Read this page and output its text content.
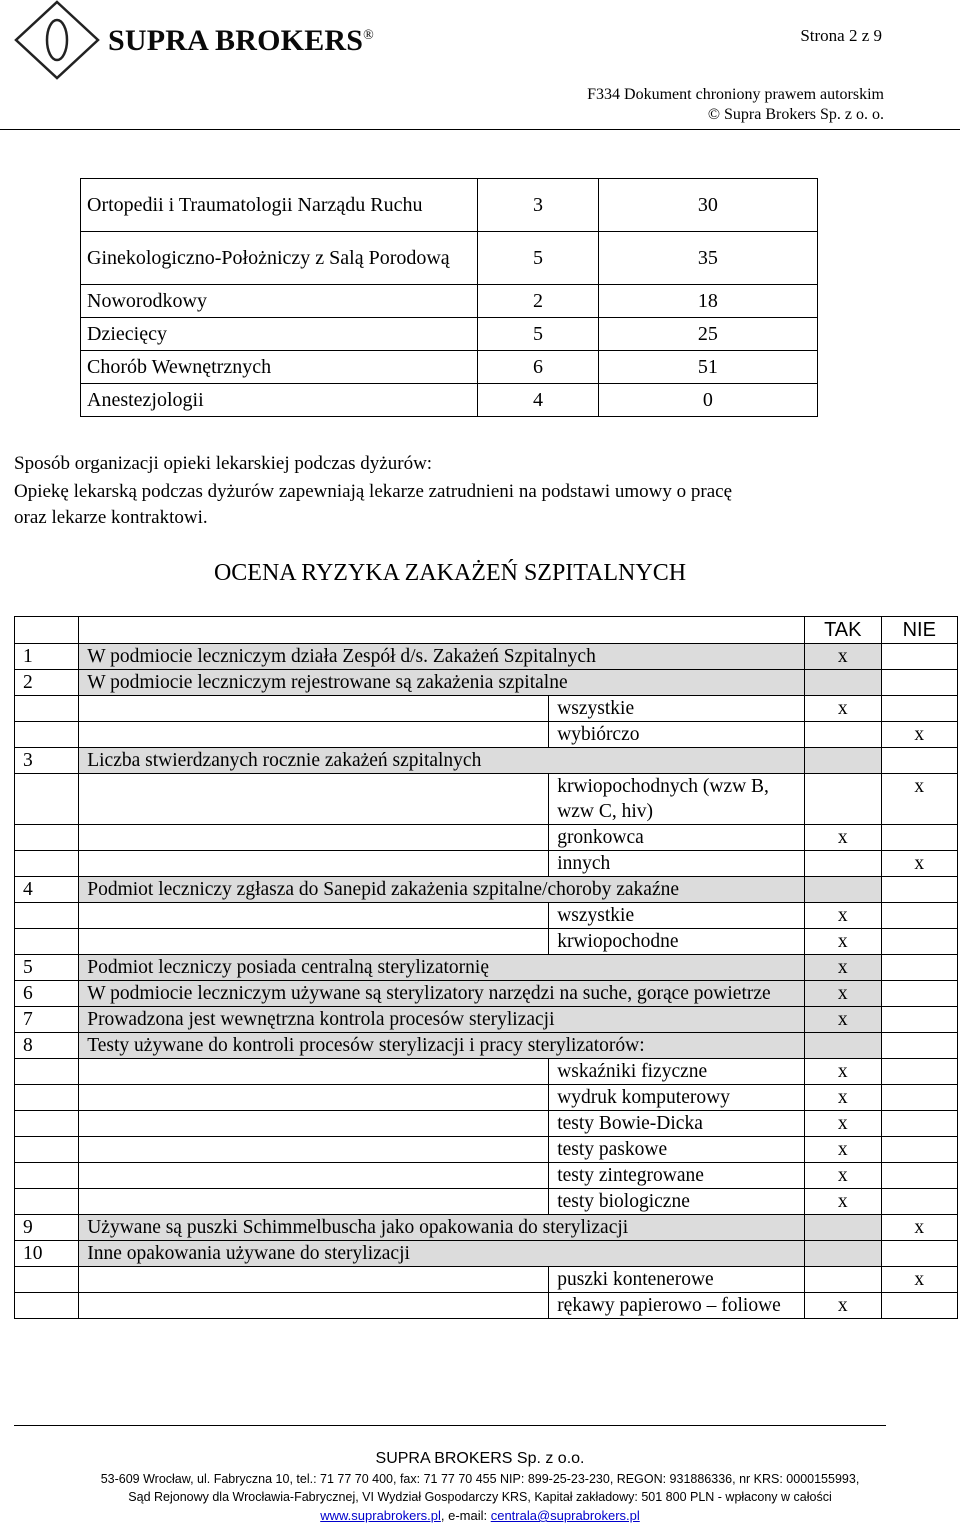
SUPRA BROKERS®	Strona 2 z 9
F334 Dokument chroniony prawem autorskim
© Supra Brokers Sp. z o. o.
Ortopedii i Traumatologii Narządu Ruchu	3	30
Ginekologiczno-Położniczy z Salą Porodową	5	35
Noworodkowy	2	18
Dziecięcy	5	25
Chorób Wewnętrznych	6	51
Anestezjologii	4	0
Sposób organizacji opieki lekarskiej podczas dyżurów:
Opiekę lekarską podczas dyżurów zapewniają lekarze zatrudnieni na podstawi umowy o pracę
oraz lekarze kontraktowi.
OCENA RYZYKA ZAKAŻEŃ SZPITALNYCH
			TAK	NIE
1	W podmiocie leczniczym działa Zespół d/s. Zakażeń Szpitalnych		x	
2	W podmiocie leczniczym rejestrowane są zakażenia szpitalne			
		wszystkie	x	
		wybiórczo		x
3	Liczba stwierdzanych rocznie zakażeń szpitalnych			
		krwiopochodnych (wzw B, wzw C, hiv)		x
		gronkowca	x	
		innych		x
4	Podmiot leczniczy zgłasza do Sanepid zakażenia szpitalne/choroby zakaźne			
		wszystkie	x	
		krwiopochodne	x	
5	Podmiot leczniczy posiada centralną sterylizatornię		x	
6	W podmiocie leczniczym używane są sterylizatory narzędzi na suche, gorące powietrze		x	
7	Prowadzona jest wewnętrzna kontrola procesów sterylizacji		x	
8	Testy używane do kontroli procesów sterylizacji i pracy sterylizatorów:			
		wskaźniki fizyczne	x	
		wydruk komputerowy	x	
		testy Bowie-Dicka	x	
		testy paskowe	x	
		testy zintegrowane	x	
		testy biologiczne	x	
9	Używane są puszki Schimmelbuscha jako opakowania do sterylizacji			x
10	Inne opakowania używane do sterylizacji			
		puszki kontenerowe		x
		rękawy papierowo – foliowe	x	
SUPRA BROKERS Sp. z o.o.
53-609 Wrocław, ul. Fabryczna 10, tel.: 71 77 70 400, fax: 71 77 70 455 NIP: 899-25-23-230, REGON: 931886336, nr KRS: 0000155993,
Sąd Rejonowy dla Wrocławia-Fabrycznej, VI Wydział Gospodarczy KRS, Kapitał zakładowy: 501 800 PLN - wpłacony w całości
www.suprabrokers.pl, e-mail: centrala@suprabrokers.pl
